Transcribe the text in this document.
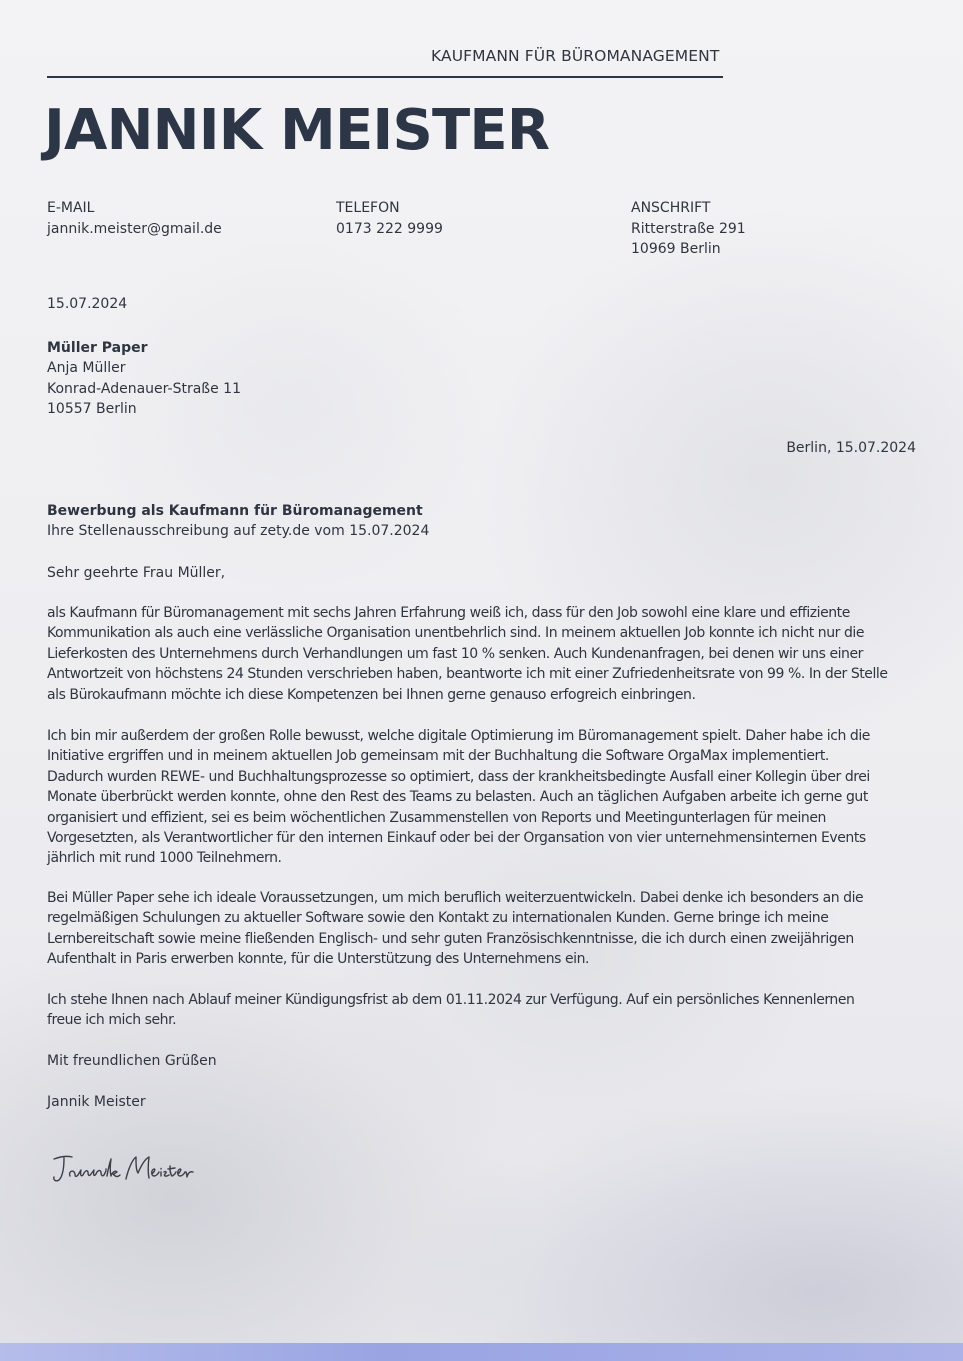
KAUFMANN FÜR BÜROMANAGEMENT
JANNIK MEISTER
E-MAIL
jannik.meister@gmail.de
TELEFON
0173 222 9999
ANSCHRIFT
Ritterstraße 291
10969 Berlin
15.07.2024
Müller Paper
Anja Müller
Konrad-Adenauer-Straße 11
10557 Berlin
Berlin, 15.07.2024
Bewerbung als Kaufmann für Büromanagement
Ihre Stellenausschreibung auf zety.de vom 15.07.2024
Sehr geehrte Frau Müller,
als Kaufmann für Büromanagement mit sechs Jahren Erfahrung weiß ich, dass für den Job sowohl eine klare und effiziente
Kommunikation als auch eine verlässliche Organisation unentbehrlich sind. In meinem aktuellen Job konnte ich nicht nur die
Lieferkosten des Unternehmens durch Verhandlungen um fast 10 % senken. Auch Kundenanfragen, bei denen wir uns einer
Antwortzeit von höchstens 24 Stunden verschrieben haben, beantworte ich mit einer Zufriedenheitsrate von 99 %. In der Stelle
als Bürokaufmann möchte ich diese Kompetenzen bei Ihnen gerne genauso erfogreich einbringen.
Ich bin mir außerdem der großen Rolle bewusst, welche digitale Optimierung im Büromanagement spielt. Daher habe ich die
Initiative ergriffen und in meinem aktuellen Job gemeinsam mit der Buchhaltung die Software OrgaMax implementiert.
Dadurch wurden REWE- und Buchhaltungsprozesse so optimiert, dass der krankheitsbedingte Ausfall einer Kollegin über drei
Monate überbrückt werden konnte, ohne den Rest des Teams zu belasten. Auch an täglichen Aufgaben arbeite ich gerne gut
organisiert und effizient, sei es beim wöchentlichen Zusammenstellen von Reports und Meetingunterlagen für meinen
Vorgesetzten, als Verantwortlicher für den internen Einkauf oder bei der Organsation von vier unternehmensinternen Events
jährlich mit rund 1000 Teilnehmern.
Bei Müller Paper sehe ich ideale Voraussetzungen, um mich beruflich weiterzuentwickeln. Dabei denke ich besonders an die
regelmäßigen Schulungen zu aktueller Software sowie den Kontakt zu internationalen Kunden. Gerne bringe ich meine
Lernbereitschaft sowie meine fließenden Englisch- und sehr guten Französischkenntnisse, die ich durch einen zweijährigen
Aufenthalt in Paris erwerben konnte, für die Unterstützung des Unternehmens ein.
Ich stehe Ihnen nach Ablauf meiner Kündigungsfrist ab dem 01.11.2024 zur Verfügung. Auf ein persönliches Kennenlernen
freue ich mich sehr.
Mit freundlichen Grüßen
Jannik Meister
